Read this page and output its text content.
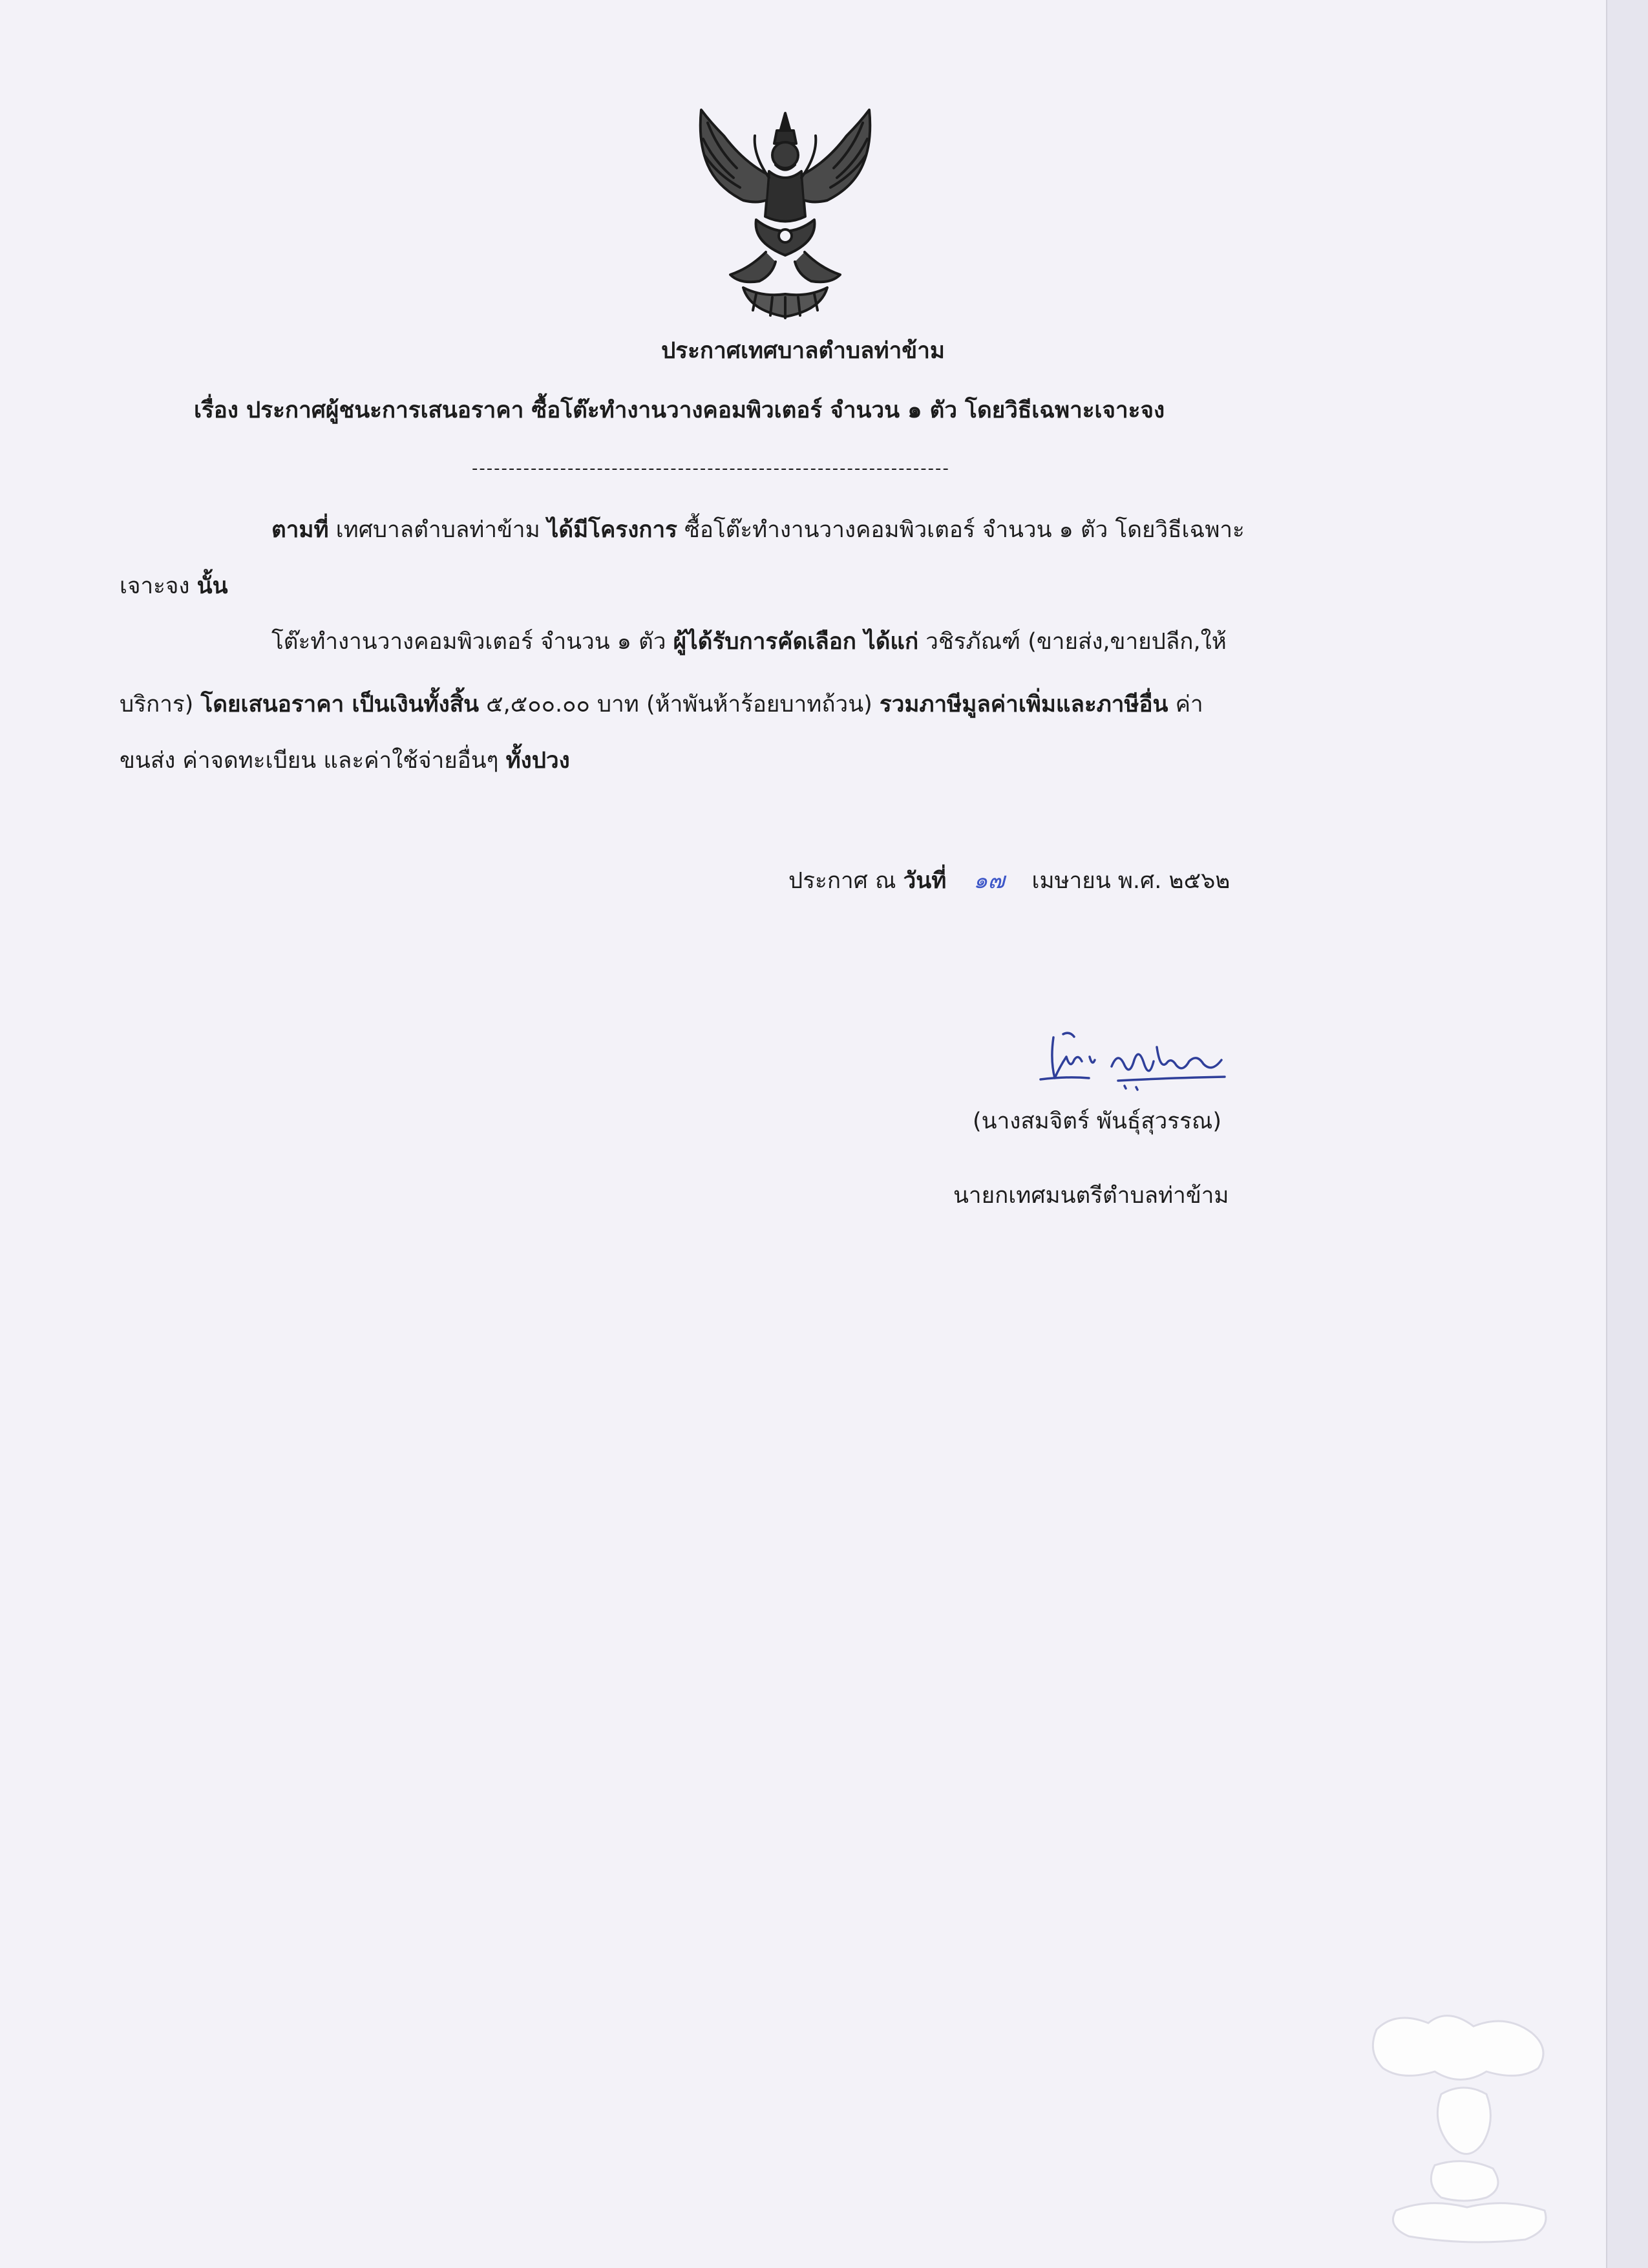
ประกาศเทศบาลตำบลท่าข้าม
เรื่อง ประกาศผู้ชนะการเสนอราคา ซื้อโต๊ะทำงานวางคอมพิวเตอร์ จำนวน ๑ ตัว โดยวิธีเฉพาะเจาะจง
-----------------------------------------------------------------
ตามที่ เทศบาลตำบลท่าข้าม ได้มีโครงการ ซื้อโต๊ะทำงานวางคอมพิวเตอร์ จำนวน ๑ ตัว โดยวิธีเฉพาะ
เจาะจง นั้น
โต๊ะทำงานวางคอมพิวเตอร์ จำนวน ๑ ตัว ผู้ได้รับการคัดเลือก ได้แก่ วชิรภัณฑ์ (ขายส่ง,ขายปลีก,ให้
บริการ) โดยเสนอราคา เป็นเงินทั้งสิ้น ๕,๕๐๐.๐๐ บาท (ห้าพันห้าร้อยบาทถ้วน) รวมภาษีมูลค่าเพิ่มและภาษีอื่น ค่า
ขนส่ง ค่าจดทะเบียน และค่าใช้จ่ายอื่นๆ ทั้งปวง
ประกาศ ณ วันที่ ๑๗ เมษายน พ.ศ. ๒๕๖๒
(นางสมจิตร์ พันธุ์สุวรรณ)
นายกเทศมนตรีตำบลท่าข้าม
